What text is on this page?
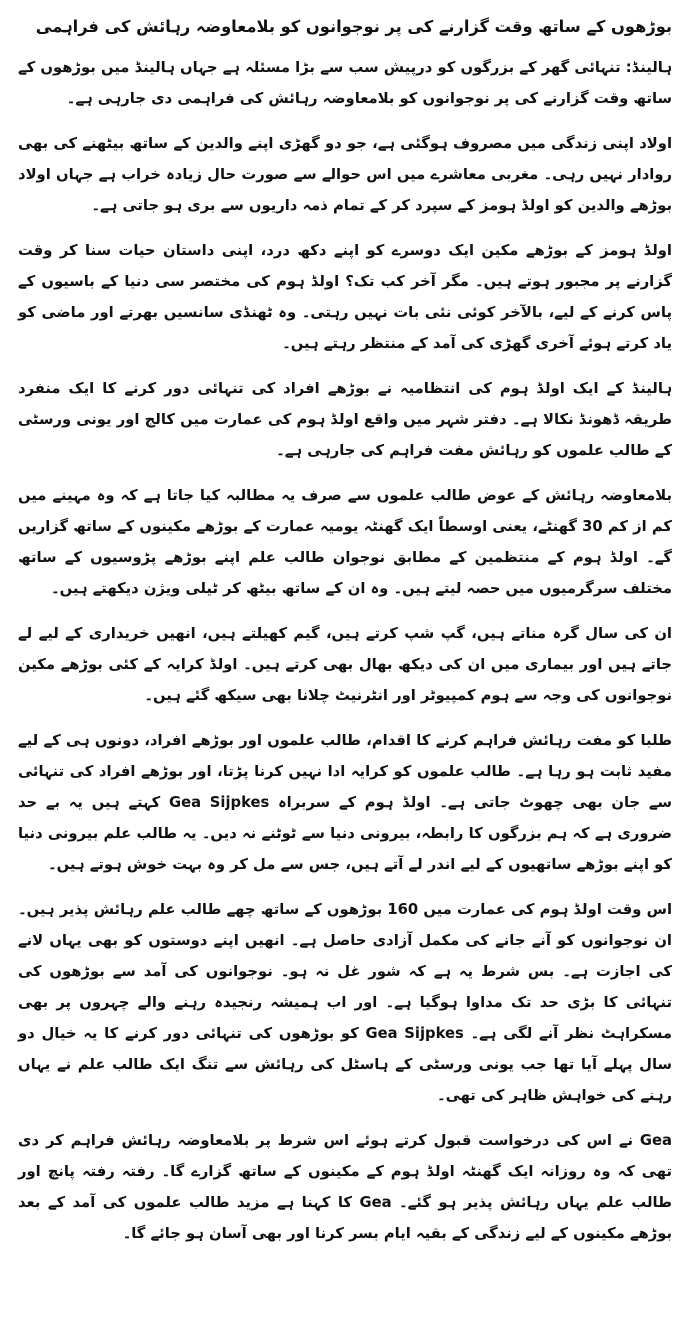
بوڑھوں کے ساتھ وقت گزارنے کی پر نوجوانوں کو بلامعاوضہ رہائش کی فراہمی

ہالینڈ: تنہائی گھر کے بزرگوں کو درپیش سب سے بڑا مسئلہ ہے جہاں ہالینڈ میں بوڑھوں کے ساتھ وقت گزارنے کی پر نوجوانوں کو بلامعاوضہ رہائش کی فراہمی دی جارہی ہے۔

اولاد اپنی زندگی میں مصروف ہوگئی ہے، جو دو گھڑی اپنے والدین کے ساتھ بیٹھنے کی بھی روادار نہیں رہی۔ مغربی معاشرے میں اس حوالے سے صورت حال زیادہ خراب ہے جہاں اولاد بوڑھے والدین کو اولڈ ہومز کے سپرد کر کے تمام ذمہ داریوں سے بری ہو جاتی ہے۔

اولڈ ہومز کے بوڑھے مکین ایک دوسرے کو اپنے دکھ درد، اپنی داستان حیات سنا کر وقت گزارنے پر مجبور ہوتے ہیں۔ مگر آخر کب تک؟ اولڈ ہوم کی مختصر سی دنیا کے باسیوں کے پاس کرنے کے لیے، بالآخر کوئی نئی بات نہیں رہتی۔ وہ ٹھنڈی سانسیں بھرتے اور ماضی کو یاد کرتے ہوئے آخری گھڑی کی آمد کے منتظر رہتے ہیں۔

ہالینڈ کے ایک اولڈ ہوم کی انتظامیہ نے بوڑھے افراد کی تنہائی دور کرنے کا ایک منفرد طریقہ ڈھونڈ نکالا ہے۔ دفتر شہر میں واقع اولڈ ہوم کی عمارت میں کالج اور یونی ورسٹی کے طالب علموں کو رہائش مفت فراہم کی جارہی ہے۔

بلامعاوضہ رہائش کے عوض طالب علموں سے صرف یہ مطالبہ کیا جاتا ہے کہ وہ مہینے میں کم از کم 30 گھنٹے، یعنی اوسطاً ایک گھنٹہ یومیہ عمارت کے بوڑھے مکینوں کے ساتھ گزاریں گے۔ اولڈ ہوم کے منتظمین کے مطابق نوجوان طالب علم اپنے بوڑھے پڑوسیوں کے ساتھ مختلف سرگرمیوں میں حصہ لیتے ہیں۔ وہ ان کے ساتھ بیٹھ کر ٹیلی ویژن دیکھتے ہیں۔

ان کی سال گرہ مناتے ہیں، گپ شپ کرتے ہیں، گیم کھیلتے ہیں، انھیں خریداری کے لیے لے جاتے ہیں اور بیماری میں ان کی دیکھ بھال بھی کرتے ہیں۔ اولڈ کرایہ کے کئی بوڑھے مکین نوجوانوں کی وجہ سے ہوم کمپیوٹر اور انٹرنیٹ چلانا بھی سیکھ گئے ہیں۔

طلبا کو مفت رہائش فراہم کرنے کا اقدام، طالب علموں اور بوڑھے افراد، دونوں ہی کے لیے مفید ثابت ہو رہا ہے۔ طالب علموں کو کرایہ ادا نہیں کرنا پڑتا، اور بوڑھے افراد کی تنہائی سے جان بھی چھوٹ جاتی ہے۔ اولڈ ہوم کے سربراہ Gea Sijpkes کہتے ہیں یہ بے حد ضروری ہے کہ ہم بزرگوں کا رابطہ، بیرونی دنیا سے ٹوٹنے نہ دیں۔ یہ طالب علم بیرونی دنیا کو اپنے بوڑھے ساتھیوں کے لیے اندر لے آتے ہیں، جس سے مل کر وہ بہت خوش ہوتے ہیں۔

اس وقت اولڈ ہوم کی عمارت میں 160 بوڑھوں کے ساتھ چھے طالب علم رہائش پذیر ہیں۔ ان نوجوانوں کو آنے جانے کی مکمل آزادی حاصل ہے۔ انھیں اپنے دوستوں کو بھی یہاں لانے کی اجازت ہے۔ بس شرط یہ ہے کہ شور غل نہ ہو۔ نوجوانوں کی آمد سے بوڑھوں کی تنہائی کا بڑی حد تک مداوا ہوگیا ہے۔ اور اب ہمیشہ رنجیدہ رہنے والے چہروں پر بھی مسکراہٹ نظر آنے لگی ہے۔ Gea Sijpkes کو بوڑھوں کی تنہائی دور کرنے کا یہ خیال دو سال پہلے آیا تھا جب یونی ورسٹی کے ہاسٹل کی رہائش سے تنگ ایک طالب علم نے یہاں رہنے کی خواہش ظاہر کی تھی۔

Gea نے اس کی درخواست قبول کرتے ہوئے اس شرط پر بلامعاوضہ رہائش فراہم کر دی تھی کہ وہ روزانہ ایک گھنٹہ اولڈ ہوم کے مکینوں کے ساتھ گزارے گا۔ رفتہ رفتہ پانچ اور طالب علم یہاں رہائش پذیر ہو گئے۔ Gea کا کہنا ہے مزید طالب علموں کی آمد کے بعد بوڑھے مکینوں کے لیے زندگی کے بقیہ ایام بسر کرنا اور بھی آسان ہو جائے گا۔
